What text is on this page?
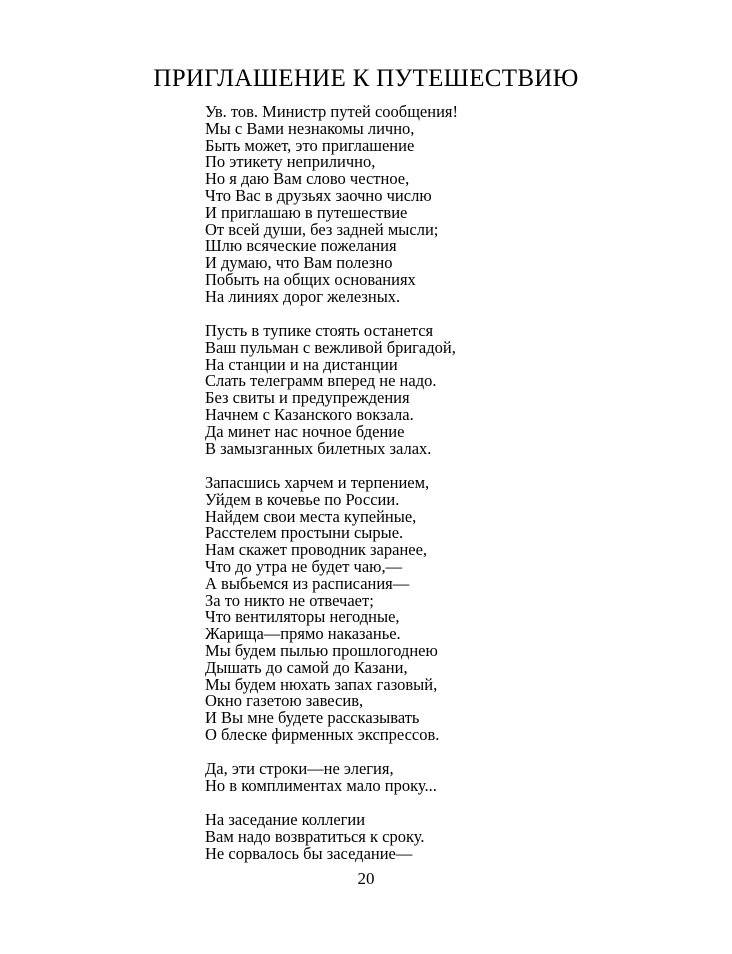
ПРИГЛАШЕНИЕ К ПУТЕШЕСТВИЮ
Ув. тов. Министр путей сообщения!
Мы с Вами незнакомы лично,
Быть может, это приглашение
По этикету неприлично,
Но я даю Вам слово честное,
Что Вас в друзьях заочно числю
И приглашаю в путешествие
От всей души, без задней мысли;
Шлю всяческие пожелания
И думаю, что Вам полезно
Побыть на общих основаниях
На линиях дорог железных.
Пусть в тупике стоять останется
Ваш пульман с вежливой бригадой,
На станции и на дистанции
Слать телеграмм вперед не надо.
Без свиты и предупреждения
Начнем с Казанского вокзала.
Да минет нас ночное бдение
В замызганных билетных залах.
Запасшись харчем и терпением,
Уйдем в кочевье по России.
Найдем свои места купейные,
Расстелем простыни сырые.
Нам скажет проводник заранее,
Что до утра не будет чаю,—
А выбьемся из расписания—
За то никто не отвечает;
Что вентиляторы негодные,
Жарища—прямо наказанье.
Мы будем пылью прошлогоднею
Дышать до самой до Казани,
Мы будем нюхать запах газовый,
Окно газетою завесив,
И Вы мне будете рассказывать
О блеске фирменных экспрессов.
Да, эти строки—не элегия,
Но в комплиментах мало проку...
На заседание коллегии
Вам надо возвратиться к сроку.
Не сорвалось бы заседание—
20
